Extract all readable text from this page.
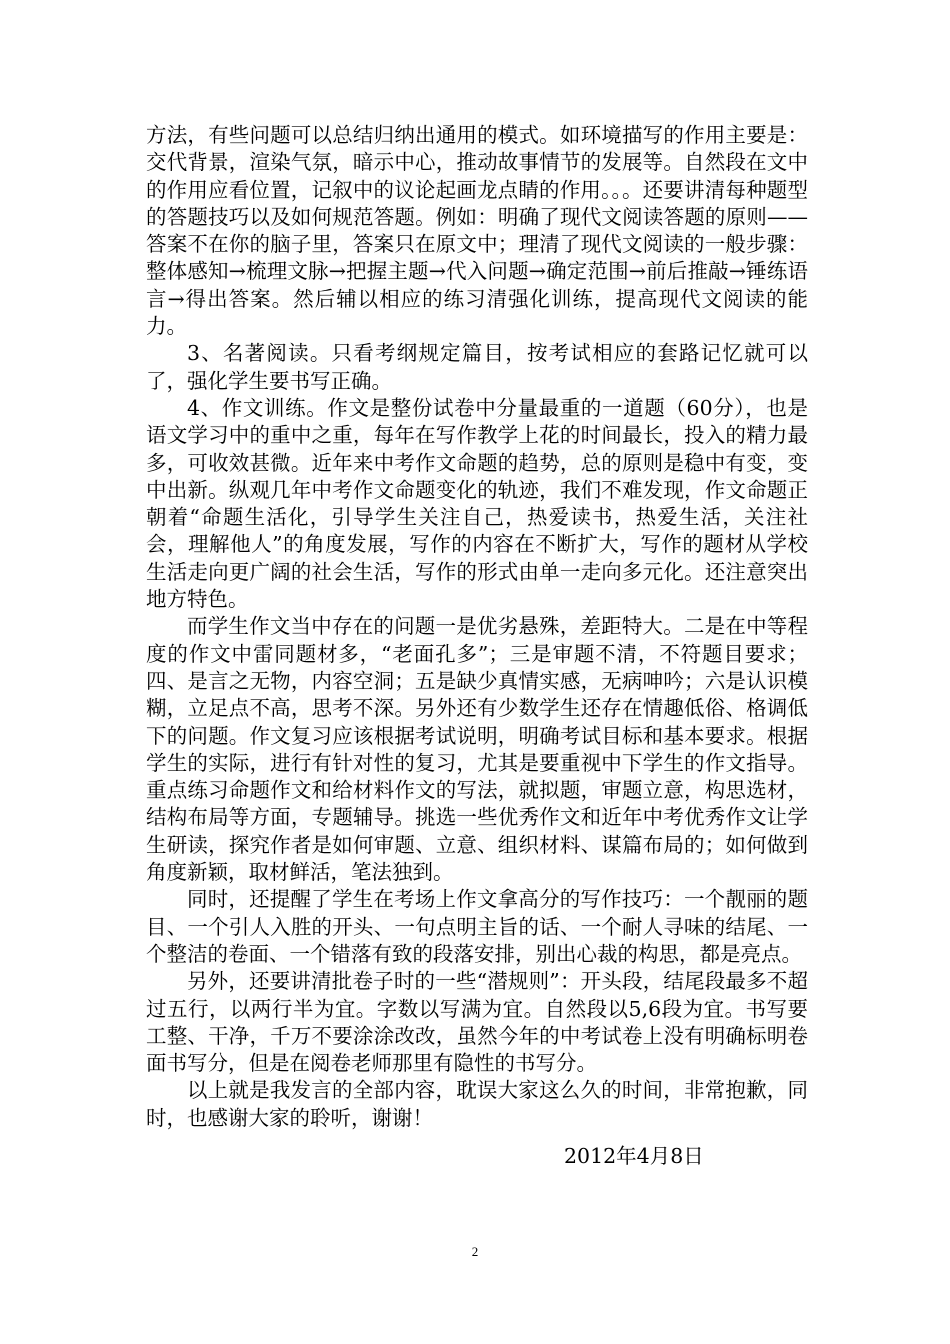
方法，有些问题可以总结归纳出通用的模式。如环境描写的作用主要是：交代背景，渲染气氛，暗示中心，推动故事情节的发展等。自然段在文中的作用应看位置，记叙中的议论起画龙点睛的作用。。。还要讲清每种题型的答题技巧以及如何规范答题。例如：明确了现代文阅读答题的原则——答案不在你的脑子里，答案只在原文中；理清了现代文阅读的一般步骤：整体感知→梳理文脉→把握主题→代入问题→确定范围→前后推敲→锤练语言→得出答案。然后辅以相应的练习清强化训练，提高现代文阅读的能力。

3、名著阅读。只看考纲规定篇目，按考试相应的套路记忆就可以了，强化学生要书写正确。

4、作文训练。作文是整份试卷中分量最重的一道题（60分），也是语文学习中的重中之重，每年在写作教学上花的时间最长，投入的精力最多，可收效甚微。近年来中考作文命题的趋势，总的原则是稳中有变，变中出新。纵观几年中考作文命题变化的轨迹，我们不难发现，作文命题正朝着“命题生活化，引导学生关注自己，热爱读书，热爱生活，关注社会，理解他人”的角度发展，写作的内容在不断扩大，写作的题材从学校生活走向更广阔的社会生活，写作的形式由单一走向多元化。还注意突出地方特色。

而学生作文当中存在的问题一是优劣悬殊，差距特大。二是在中等程度的作文中雷同题材多，“老面孔多”；三是审题不清，不符题目要求；四、是言之无物，内容空洞；五是缺少真情实感，无病呻吟；六是认识模糊，立足点不高，思考不深。另外还有少数学生还存在情趣低俗、格调低下的问题。作文复习应该根据考试说明，明确考试目标和基本要求。根据学生的实际，进行有针对性的复习，尤其是要重视中下学生的作文指导。重点练习命题作文和给材料作文的写法，就拟题，审题立意，构思选材，结构布局等方面，专题辅导。挑选一些优秀作文和近年中考优秀作文让学生研读，探究作者是如何审题、立意、组织材料、谋篇布局的；如何做到角度新颖，取材鲜活，笔法独到。

同时，还提醒了学生在考场上作文拿高分的写作技巧：一个靓丽的题目、一个引人入胜的开头、一句点明主旨的话、一个耐人寻味的结尾、一个整洁的卷面、一个错落有致的段落安排，别出心裁的构思，都是亮点。

另外，还要讲清批卷子时的一些“潜规则”：开头段，结尾段最多不超过五行，以两行半为宜。字数以写满为宜。自然段以5,6段为宜。书写要工整、干净，千万不要涂涂改改，虽然今年的中考试卷上没有明确标明卷面书写分，但是在阅卷老师那里有隐性的书写分。

以上就是我发言的全部内容，耽误大家这么久的时间，非常抱歉，同时，也感谢大家的聆听，谢谢！

2012年4月8日
2
